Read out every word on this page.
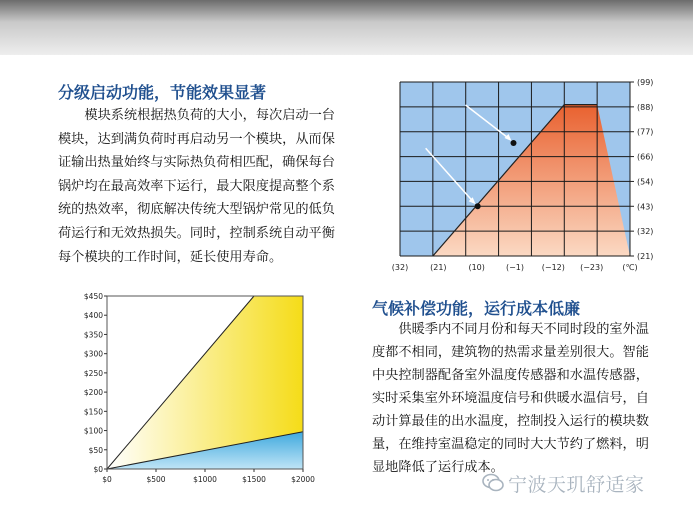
分级启动功能，节能效果显著
模块系统根据热负荷的大小，每次启动一台模块，达到满负荷时再启动另一个模块，从而保证输出热量始终与实际热负荷相匹配，确保每台锅炉均在最高效率下运行，最大限度提高整个系统的热效率，彻底解决传统大型锅炉常见的低负荷运行和无效热损失。同时，控制系统自动平衡每个模块的工作时间，延长使用寿命。
(99)
(88)
(77)
(66)
(54)
(43)
(32)
(21)
(32)	(21)	(10)	(−1) (−12) (−23) (℃)
$0
$50
$100
$150
$200
$250
$300
$350
$400
$450
$0	$500	$1000	$1500	$2000
气候补偿功能，运行成本低廉
供暖季内不同月份和每天不同时段的室外温度都不相同，建筑物的热需求量差别很大。智能中央控制器配备室外温度传感器和水温传感器，实时采集室外环境温度信号和供暖水温信号，自动计算最佳的出水温度，控制投入运行的模块数量，在维持室温稳定的同时大大节约了燃料，明显地降低了运行成本。
宁波天玑舒适家
